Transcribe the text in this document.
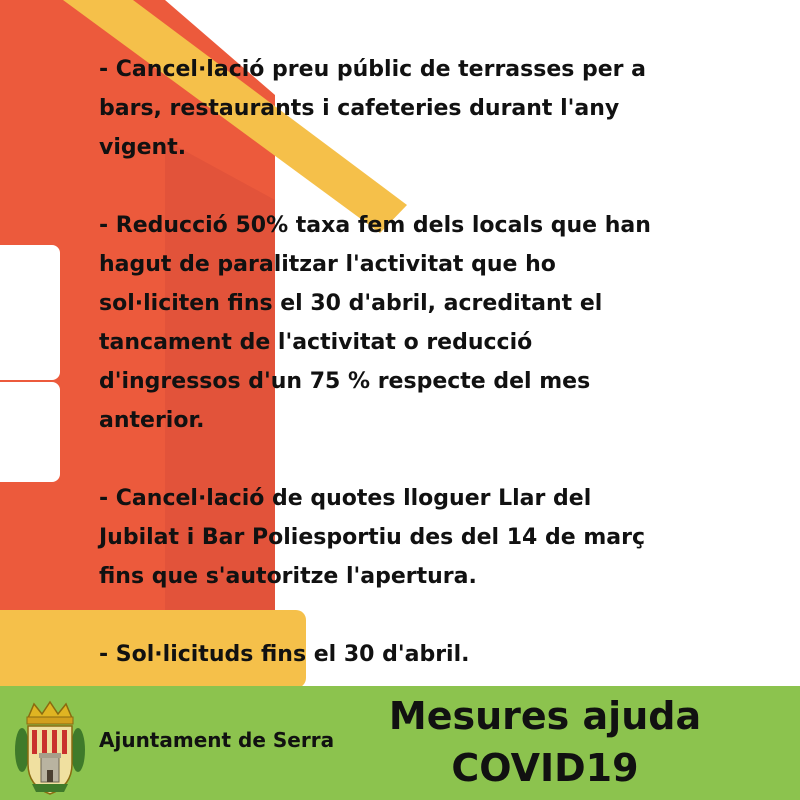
- Cancel·lació preu públic de terrasses per a
bars, restaurants i cafeteries durant l'any
vigent.

- Reducció 50% taxa fem dels locals que han
hagut de paralitzar l'activitat que ho
sol·liciten fins el 30 d'abril, acreditant el
tancament de l'activitat o reducció
d'ingressos d'un 75 % respecte del mes
anterior.

- Cancel·lació de quotes lloguer Llar del
Jubilat i Bar Poliesportiu des del 14 de març
fins que s'autoritze l'apertura.

- Sol·licituds fins el 30 d'abril.

Ajuntament de Serra
Mesures ajuda
COVID19
